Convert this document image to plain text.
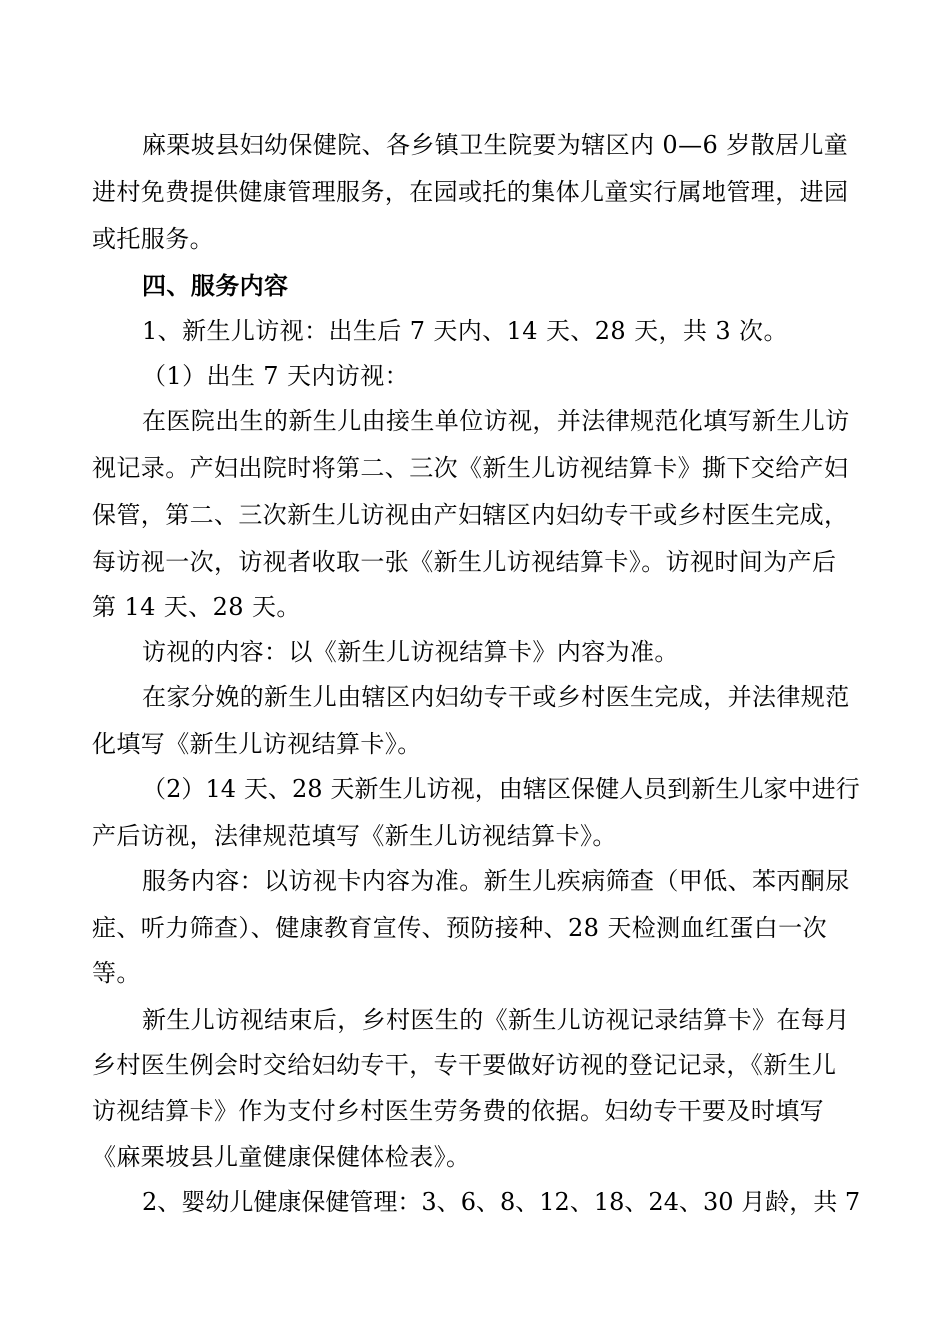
麻栗坡县妇幼保健院、各乡镇卫生院要为辖区内 0—6 岁散居儿童
进村免费提供健康管理服务，在园或托的集体儿童实行属地管理，进园
或托服务。
四、服务内容
1、新生儿访视：出生后 7 天内、14 天、28 天，共 3 次。
（1）出生 7 天内访视：
在医院出生的新生儿由接生单位访视，并法律规范化填写新生儿访
视记录。产妇出院时将第二、三次《新生儿访视结算卡》撕下交给产妇
保管，第二、三次新生儿访视由产妇辖区内妇幼专干或乡村医生完成，
每访视一次，访视者收取一张《新生儿访视结算卡》。访视时间为产后
第 14 天、28 天。
访视的内容：以《新生儿访视结算卡》内容为准。
在家分娩的新生儿由辖区内妇幼专干或乡村医生完成，并法律规范
化填写《新生儿访视结算卡》。
（2）14 天、28 天新生儿访视，由辖区保健人员到新生儿家中进行
产后访视，法律规范填写《新生儿访视结算卡》。
服务内容：以访视卡内容为准。新生儿疾病筛查（甲低、苯丙酮尿
症、听力筛查）、健康教育宣传、预防接种、28 天检测血红蛋白一次
等。
新生儿访视结束后，乡村医生的《新生儿访视记录结算卡》在每月
乡村医生例会时交给妇幼专干，专干要做好访视的登记记录，《新生儿
访视结算卡》作为支付乡村医生劳务费的依据。妇幼专干要及时填写
《麻栗坡县儿童健康保健体检表》。
2、婴幼儿健康保健管理：3、6、8、12、18、24、30 月龄，共 7
